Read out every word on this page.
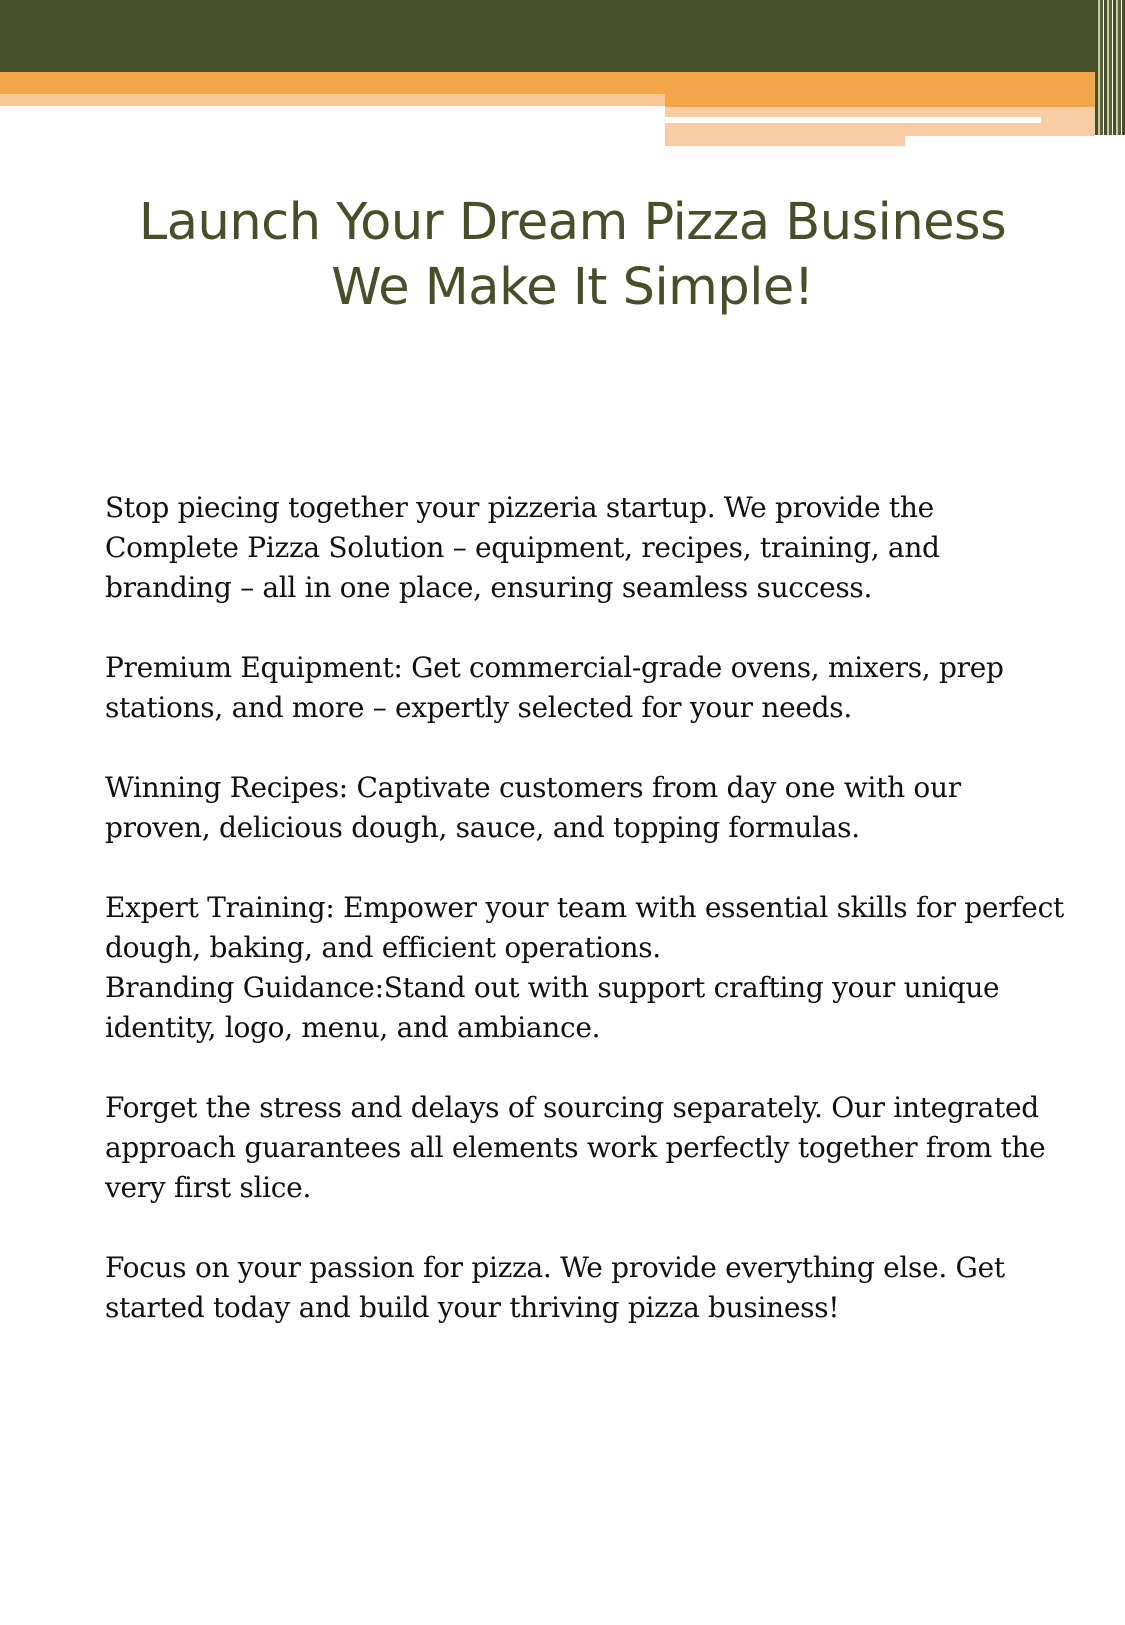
Launch Your Dream Pizza Business
We Make It Simple!

Stop piecing together your pizzeria startup. We provide the Complete Pizza Solution – equipment, recipes, training, and branding – all in one place, ensuring seamless success.

Premium Equipment: Get commercial-grade ovens, mixers, prep stations, and more – expertly selected for your needs.

Winning Recipes: Captivate customers from day one with our proven, delicious dough, sauce, and topping formulas.

Expert Training: Empower your team with essential skills for perfect dough, baking, and efficient operations.

Branding Guidance:Stand out with support crafting your unique identity, logo, menu, and ambiance.

Forget the stress and delays of sourcing separately. Our integrated approach guarantees all elements work perfectly together from the very first slice.

Focus on your passion for pizza. We provide everything else. Get started today and build your thriving pizza business!
